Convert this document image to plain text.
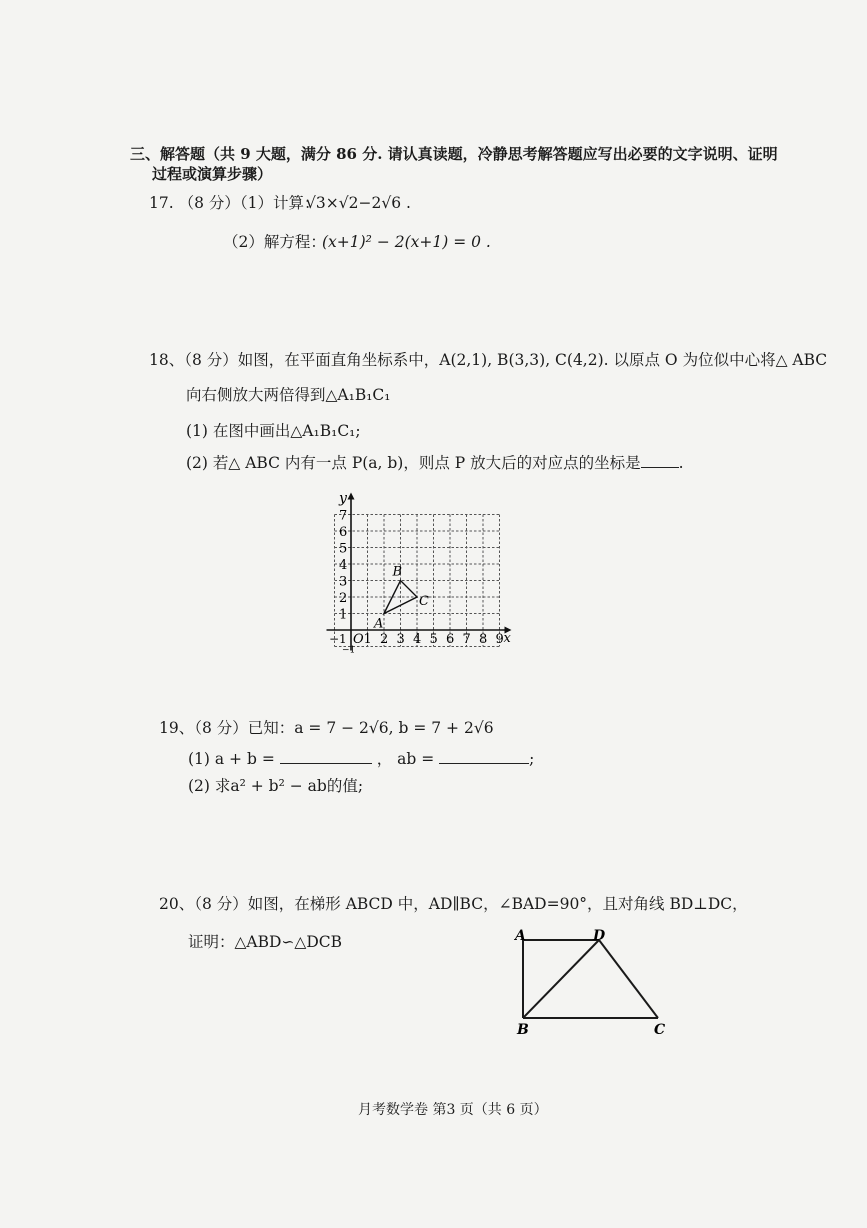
三、解答题（共 9 大题，满分 86 分. 请认真读题，冷静思考解答题应写出必要的文字说明、证明
过程或演算步骤）
17. （8 分）（1）计算：
√3×√2−2√6 .
（2）解方程：
(x+1)² − 2(x+1) = 0 .
18、（8 分）如图，在平面直角坐标系中，A(2,1), B(3,3), C(4,2). 以原点 O 为位似中心将△ ABC
向右侧放大两倍得到△A₁B₁C₁
(1) 在图中画出△A₁B₁C₁;
(2) 若△ ABC 内有一点 P(a, b)，则点 P 放大后的对应点的坐标是 .
1 2 3 4 5 6 7 8 9
1
2
3
4
5
6
7
x
y
O
−1
−1
A
B
C
19、（8 分）已知：a = 7 − 2√6, b = 7 + 2√6
(1) a + b =	， ab =	;
(2) 求a² + b² − ab的值;
20、（8 分）如图，在梯形 ABCD 中，AD∥BC，∠BAD=90°，且对角线 BD⊥DC，
证明：△ABD∽△DCB	A	D
B	C
月考数学卷 第3 页（共 6 页）
